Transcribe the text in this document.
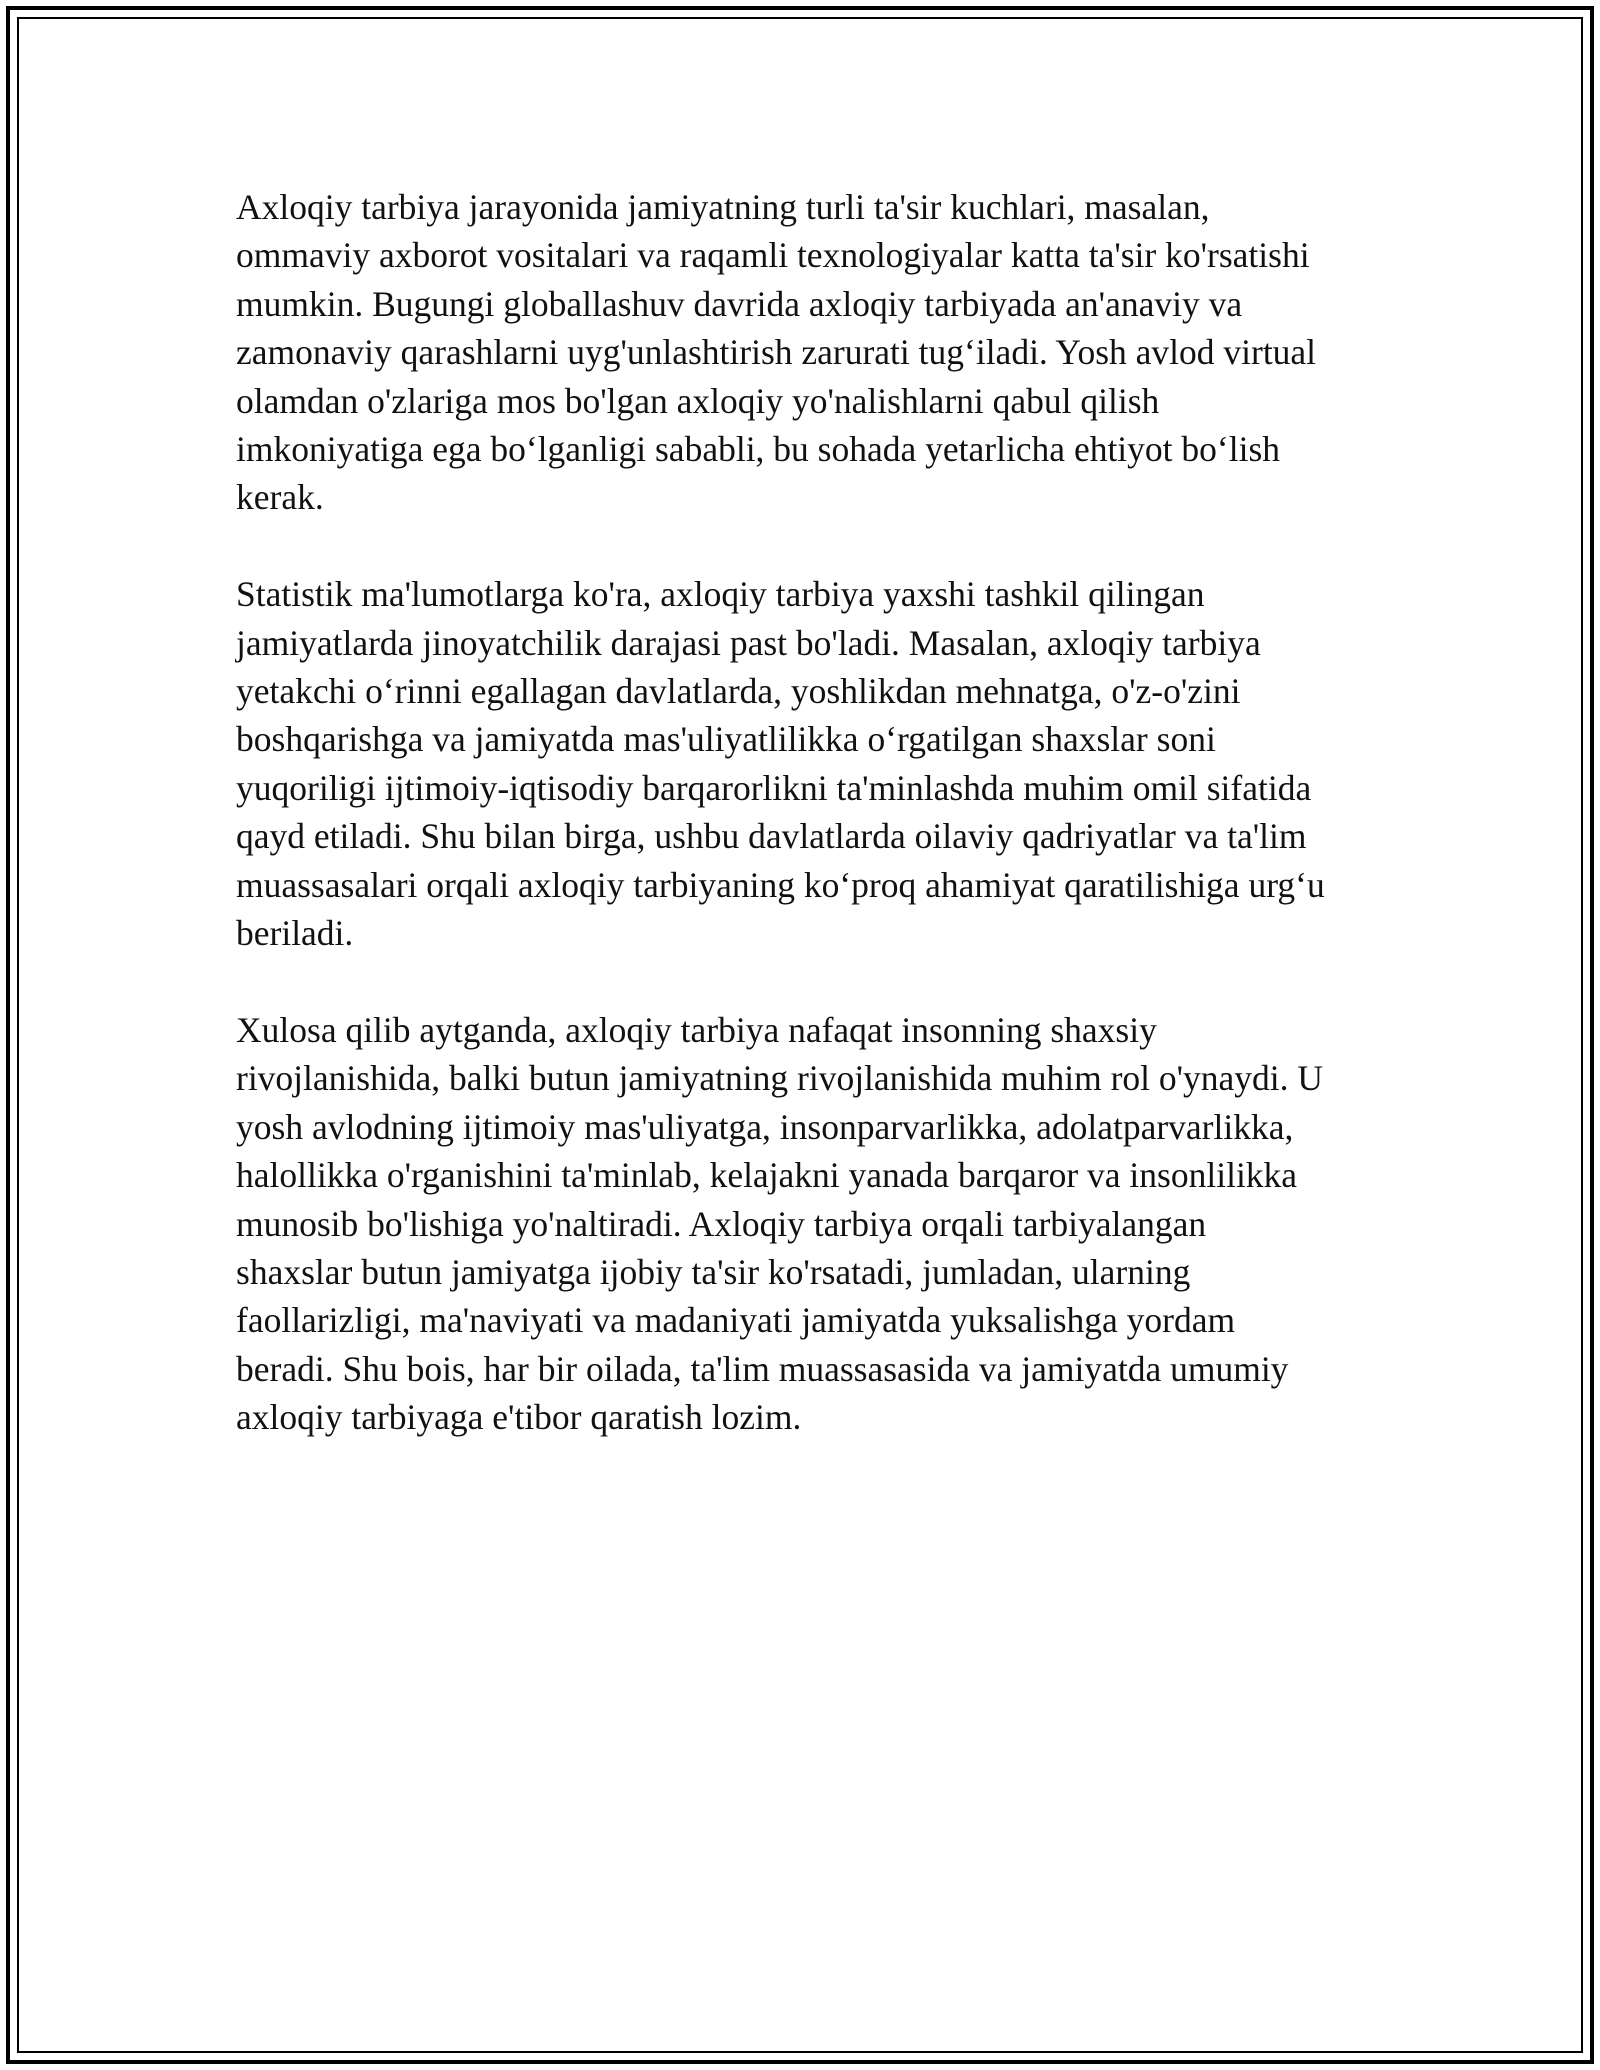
Axloqiy tarbiya jarayonida jamiyatning turli ta'sir kuchlari, masalan,
ommaviy axborot vositalari va raqamli texnologiyalar katta ta'sir ko'rsatishi
mumkin. Bugungi globallashuv davrida axloqiy tarbiyada an'anaviy va
zamonaviy qarashlarni uyg'unlashtirish zarurati tug‘iladi. Yosh avlod virtual
olamdan o'zlariga mos bo'lgan axloqiy yo'nalishlarni qabul qilish
imkoniyatiga ega bo‘lganligi sababli, bu sohada yetarlicha ehtiyot bo‘lish
kerak.

Statistik ma'lumotlarga ko'ra, axloqiy tarbiya yaxshi tashkil qilingan
jamiyatlarda jinoyatchilik darajasi past bo'ladi. Masalan, axloqiy tarbiya
yetakchi o‘rinni egallagan davlatlarda, yoshlikdan mehnatga, o'z-o'zini
boshqarishga va jamiyatda mas'uliyatlilikka o‘rgatilgan shaxslar soni
yuqoriligi ijtimoiy-iqtisodiy barqarorlikni ta'minlashda muhim omil sifatida
qayd etiladi. Shu bilan birga, ushbu davlatlarda oilaviy qadriyatlar va ta'lim
muassasalari orqali axloqiy tarbiyaning ko‘proq ahamiyat qaratilishiga urg‘u
beriladi.

Xulosa qilib aytganda, axloqiy tarbiya nafaqat insonning shaxsiy
rivojlanishida, balki butun jamiyatning rivojlanishida muhim rol o'ynaydi. U
yosh avlodning ijtimoiy mas'uliyatga, insonparvarlikka, adolatparvarlikka,
halollikka o'rganishini ta'minlab, kelajakni yanada barqaror va insonlilikka
munosib bo'lishiga yo'naltiradi. Axloqiy tarbiya orqali tarbiyalangan
shaxslar butun jamiyatga ijobiy ta'sir ko'rsatadi, jumladan, ularning
faollarizligi, ma'naviyati va madaniyati jamiyatda yuksalishga yordam
beradi. Shu bois, har bir oilada, ta'lim muassasasida va jamiyatda umumiy
axloqiy tarbiyaga e'tibor qaratish lozim.
